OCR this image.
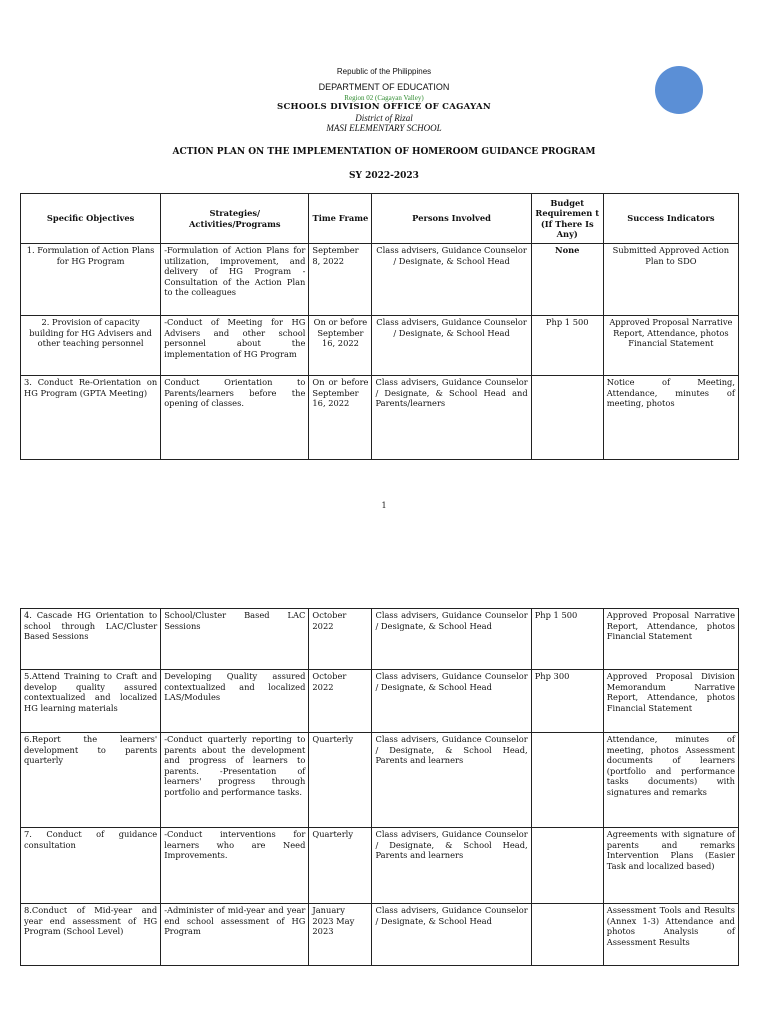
Republic of the Philippines
DEPARTMENT OF EDUCATION
Region 02 (Cagayan Valley)
SCHOOLS DIVISION OFFICE OF CAGAYAN
District of Rizal
MASI ELEMENTARY SCHOOL
ACTION PLAN ON THE IMPLEMENTATION OF HOMEROOM GUIDANCE PROGRAM
SY 2022-2023
Specific Objectives	Strategies/ Activities/Programs	Time Frame	Persons Involved	Budget Requiremen t (If There Is Any)	Success Indicators
1. Formulation of Action Plans for HG Program	-Formulation of Action Plans for utilization, improvement, and delivery of HG Program -Consultation of the Action Plan to the colleagues	September 8, 2022	Class advisers, Guidance Counselor / Designate, & School Head	None	Submitted Approved Action Plan to SDO
2. Provision of capacity building for HG Advisers and other teaching personnel	-Conduct of Meeting for HG Advisers and other school personnel about the implementation of HG Program	On or before September 16, 2022	Class advisers, Guidance Counselor / Designate, & School Head	Php 1 500	Approved Proposal Narrative Report, Attendance, photos Financial Statement
3. Conduct Re-Orientation on HG Program (GPTA Meeting)	Conduct Orientation to Parents/learners before the opening of classes.	On or before September 16, 2022	Class advisers, Guidance Counselor / Designate, & School Head and Parents/learners		Notice of Meeting, Attendance, minutes of meeting, photos
1
4. Cascade HG Orientation to school through LAC/Cluster Based Sessions	School/Cluster Based LAC Sessions	October 2022	Class advisers, Guidance Counselor / Designate, & School Head	Php 1 500	Approved Proposal Narrative Report, Attendance, photos Financial Statement
5.Attend Training to Craft and develop quality assured contextualized and localized HG learning materials	Developing Quality assured contextualized and localized LAS/Modules	October 2022	Class advisers, Guidance Counselor / Designate, & School Head	Php 300	Approved Proposal Division Memorandum Narrative Report, Attendance, photos Financial Statement
6.Report the learners' development to parents quarterly	-Conduct quarterly reporting to parents about the development and progress of learners to parents. -Presentation of learners' progress through portfolio and performance tasks.	Quarterly	Class advisers, Guidance Counselor / Designate, & School Head, Parents and learners		Attendance, minutes of meeting, photos Assessment documents of learners (portfolio and performance tasks documents) with signatures and remarks
7. Conduct of guidance consultation	-Conduct interventions for learners who are Need Improvements.	Quarterly	Class advisers, Guidance Counselor / Designate, & School Head, Parents and learners		Agreements with signature of parents and remarks Intervention Plans (Easier Task and localized based)
8.Conduct of Mid-year and year end assessment of HG Program (School Level)	-Administer of mid-year and year end school assessment of HG Program	January 2023 May 2023	Class advisers, Guidance Counselor / Designate, & School Head		Assessment Tools and Results (Annex 1-3) Attendance and photos Analysis of Assessment Results
